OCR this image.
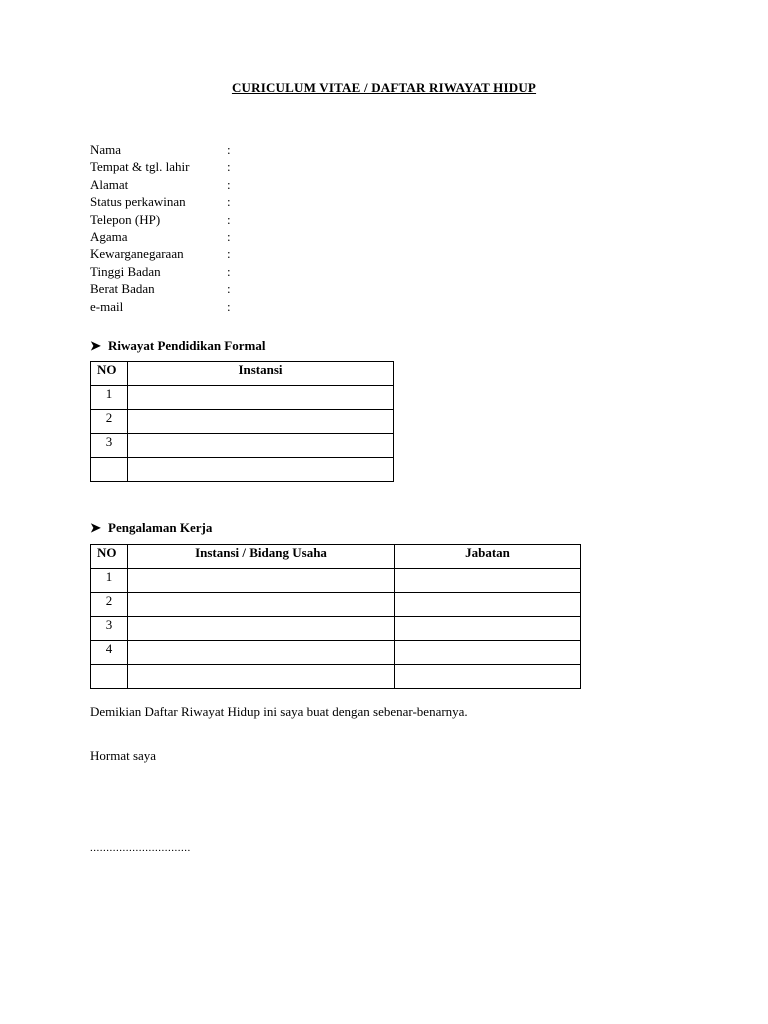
CURICULUM VITAE / DAFTAR RIWAYAT HIDUP
Nama	:
Tempat & tgl. lahir	:
Alamat	:
Status perkawinan	:
Telepon (HP)	:
Agama	:
Kewarganegaraan	:
Tinggi Badan	:
Berat Badan	:
e-mail	:
➤ Riwayat Pendidikan Formal
NO	Instansi
1	
2	
3	

➤ Pengalaman Kerja
NO	Instansi / Bidang Usaha	Jabatan
1		
2		
3		
4		

Demikian Daftar Riwayat Hidup ini saya buat dengan sebenar-benarnya.
Hormat saya
...............................
